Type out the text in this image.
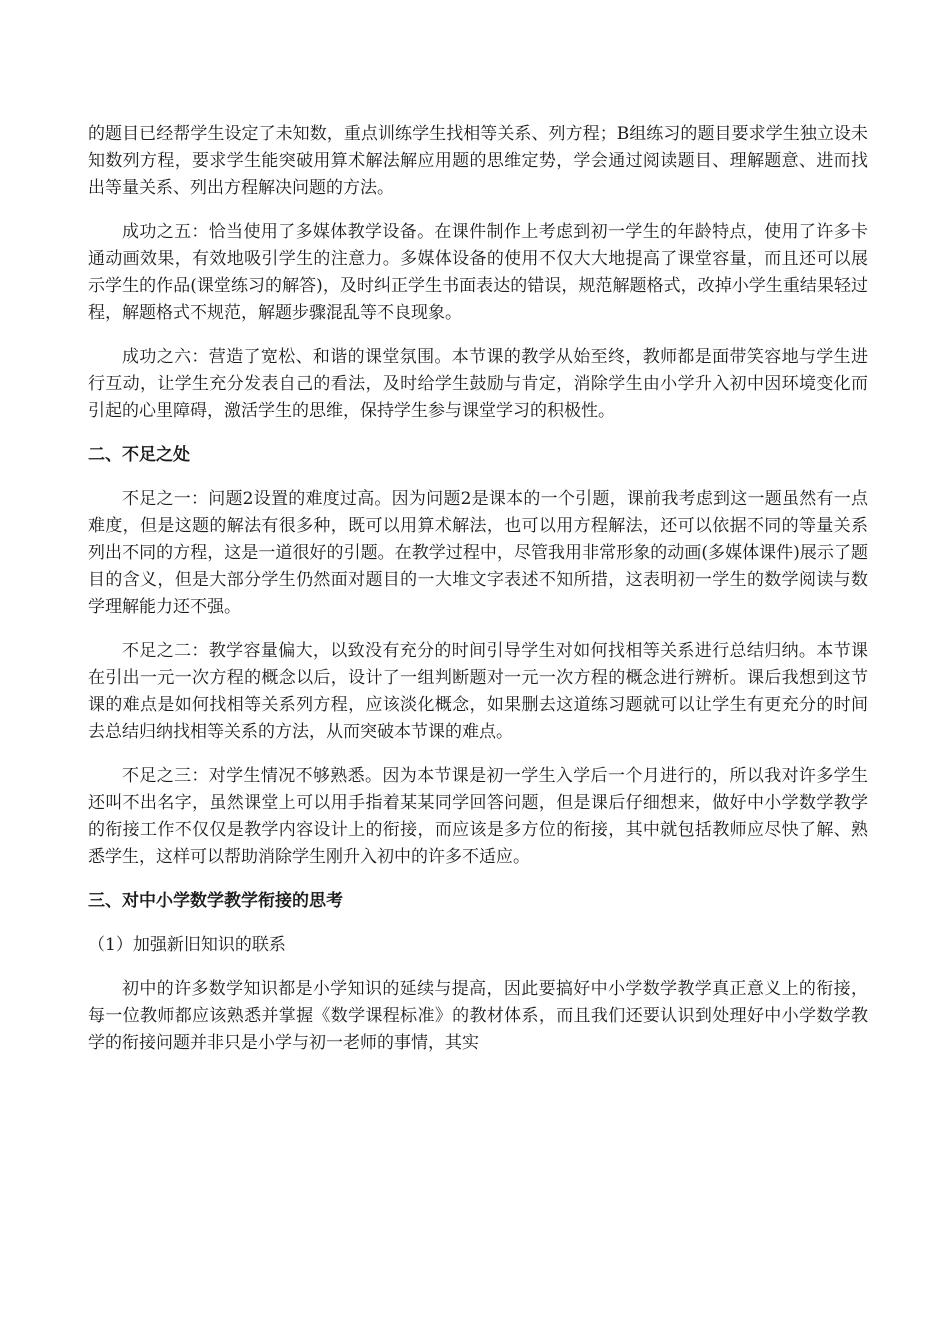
的题目已经帮学生设定了未知数，重点训练学生找相等关系、列方程；B组练习的题目要求学生独立设未知数列方程，要求学生能突破用算术解法解应用题的思维定势，学会通过阅读题目、理解题意、进而找出等量关系、列出方程解决问题的方法。

成功之五：恰当使用了多媒体教学设备。在课件制作上考虑到初一学生的年龄特点，使用了许多卡通动画效果，有效地吸引学生的注意力。多媒体设备的使用不仅大大地提高了课堂容量，而且还可以展示学生的作品(课堂练习的解答)，及时纠正学生书面表达的错误，规范解题格式，改掉小学生重结果轻过程，解题格式不规范，解题步骤混乱等不良现象。

成功之六：营造了宽松、和谐的课堂氛围。本节课的教学从始至终，教师都是面带笑容地与学生进行互动，让学生充分发表自己的看法，及时给学生鼓励与肯定，消除学生由小学升入初中因环境变化而引起的心里障碍，激活学生的思维，保持学生参与课堂学习的积极性。

二、不足之处

不足之一：问题2设置的难度过高。因为问题2是课本的一个引题，课前我考虑到这一题虽然有一点难度，但是这题的解法有很多种，既可以用算术解法，也可以用方程解法，还可以依据不同的等量关系列出不同的方程，这是一道很好的引题。在教学过程中，尽管我用非常形象的动画(多媒体课件)展示了题目的含义，但是大部分学生仍然面对题目的一大堆文字表述不知所措，这表明初一学生的数学阅读与数学理解能力还不强。

不足之二：教学容量偏大，以致没有充分的时间引导学生对如何找相等关系进行总结归纳。本节课在引出一元一次方程的概念以后，设计了一组判断题对一元一次方程的概念进行辨析。课后我想到这节课的难点是如何找相等关系列方程，应该淡化概念，如果删去这道练习题就可以让学生有更充分的时间去总结归纳找相等关系的方法，从而突破本节课的难点。

不足之三：对学生情况不够熟悉。因为本节课是初一学生入学后一个月进行的，所以我对许多学生还叫不出名字，虽然课堂上可以用手指着某某同学回答问题，但是课后仔细想来，做好中小学数学教学的衔接工作不仅仅是教学内容设计上的衔接，而应该是多方位的衔接，其中就包括教师应尽快了解、熟悉学生，这样可以帮助消除学生刚升入初中的许多不适应。

三、对中小学数学教学衔接的思考

（1）加强新旧知识的联系

初中的许多数学知识都是小学知识的延续与提高，因此要搞好中小学数学教学真正意义上的衔接，每一位教师都应该熟悉并掌握《数学课程标准》的教材体系，而且我们还要认识到处理好中小学数学教学的衔接问题并非只是小学与初一老师的事情，其实
